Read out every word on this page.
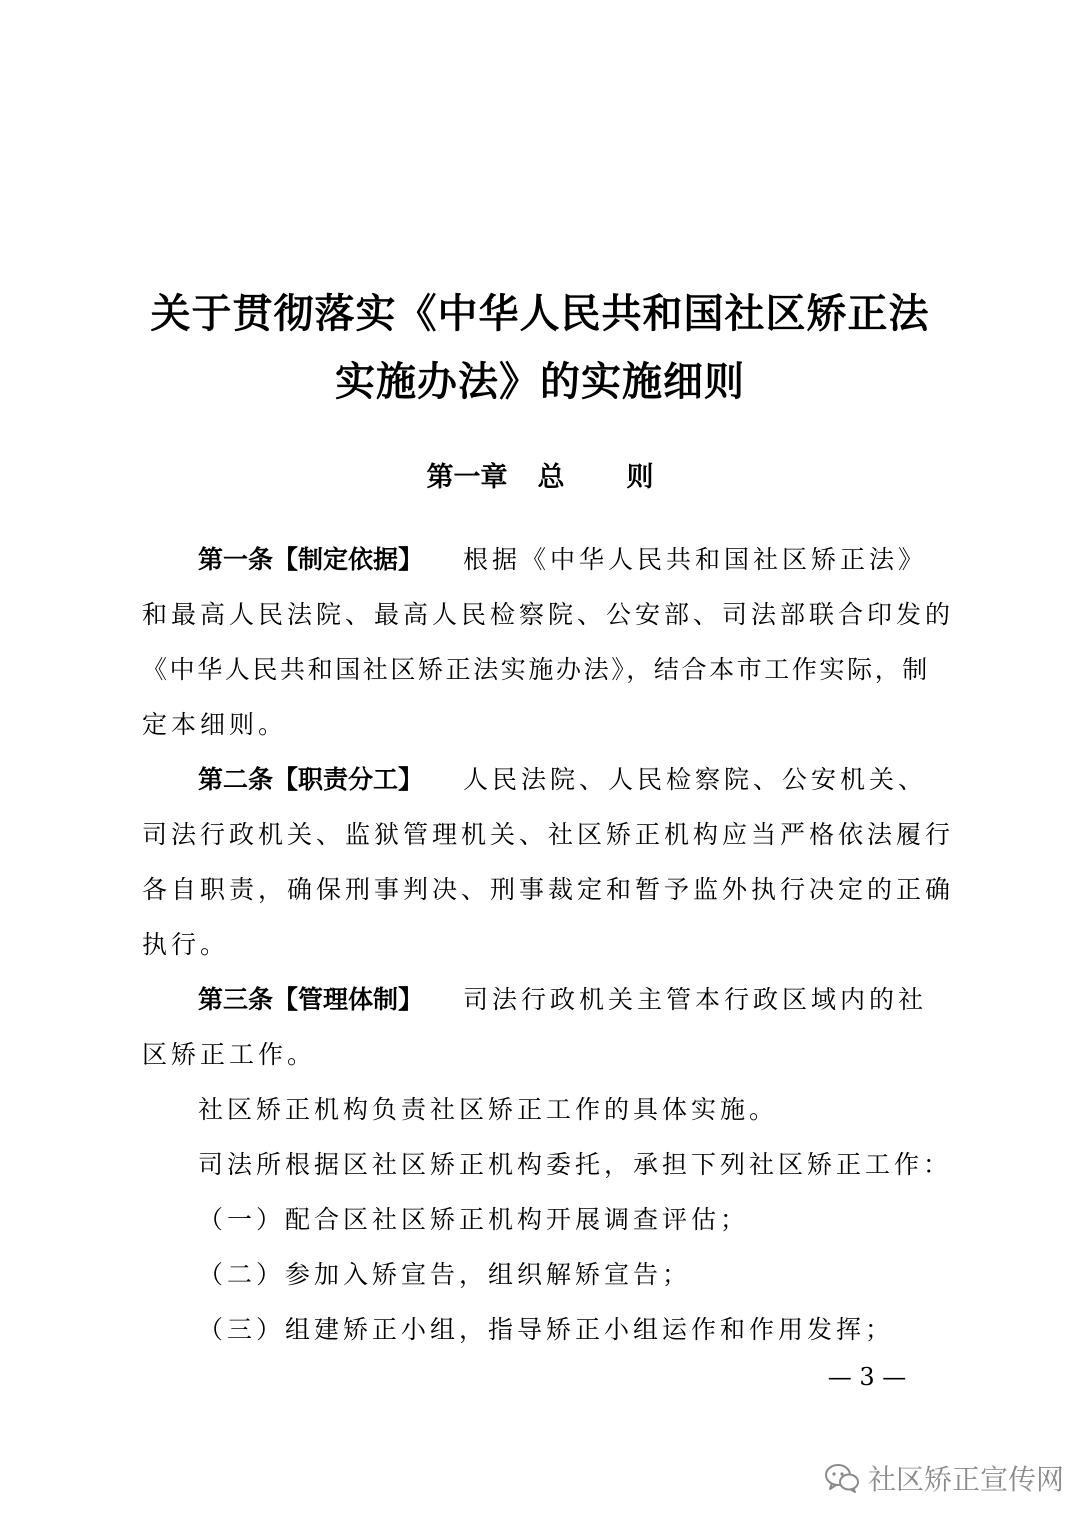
关于贯彻落实《中华人民共和国社区矫正法
实施办法》的实施细则
第一章 总 则
第一条【制定依据】 根据《中华人民共和国社区矫正法》
和最高人民法院、最高人民检察院、公安部、司法部联合印发的
《中华人民共和国社区矫正法实施办法》，结合本市工作实际，制
定本细则。
第二条【职责分工】 人民法院、人民检察院、公安机关、
司法行政机关、监狱管理机关、社区矫正机构应当严格依法履行
各自职责，确保刑事判决、刑事裁定和暂予监外执行决定的正确
执行。
第三条【管理体制】 司法行政机关主管本行政区域内的社
区矫正工作。
社区矫正机构负责社区矫正工作的具体实施。
司法所根据区社区矫正机构委托，承担下列社区矫正工作：
（一）配合区社区矫正机构开展调查评估；
（二）参加入矫宣告，组织解矫宣告；
（三）组建矫正小组，指导矫正小组运作和作用发挥；
— 3 —
社区矫正宣传网
